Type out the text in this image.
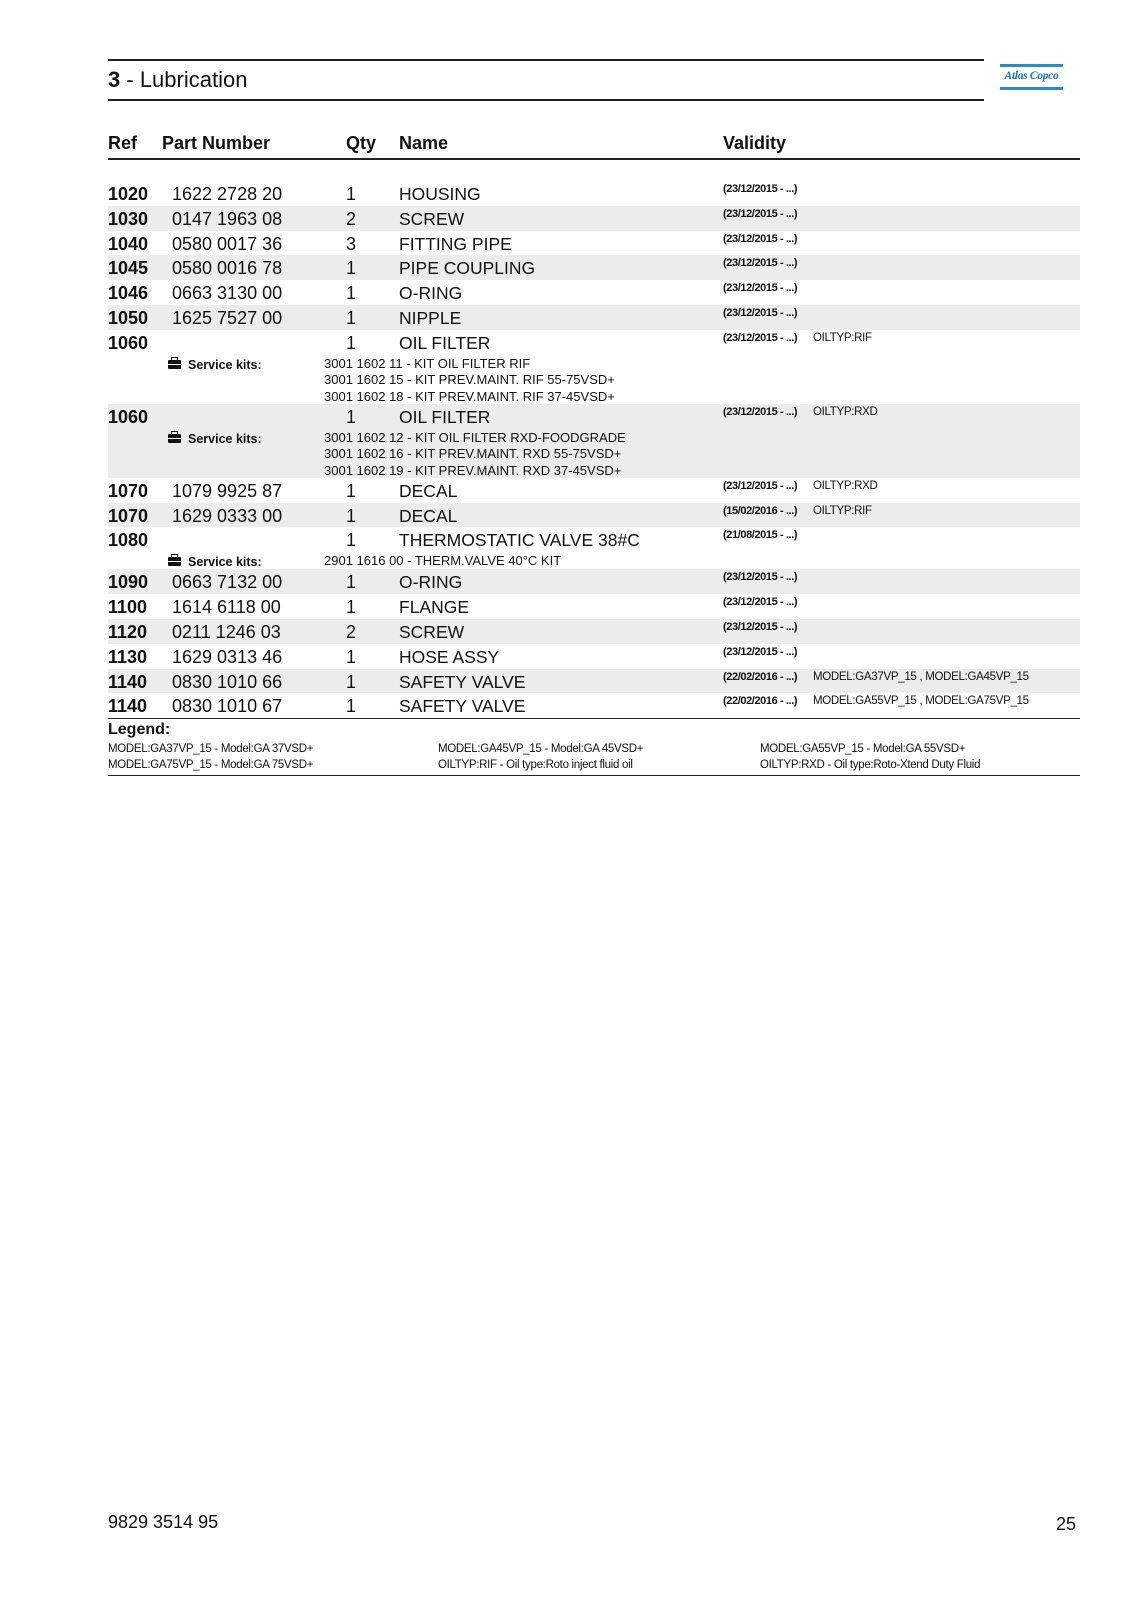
3 - Lubrication	Atlas Copco
Ref Part Number	Qty Name	Validity
1020 1622 2728 20	1 HOUSING	(23/12/2015 - ...)
1030 0147 1963 08	2 SCREW	(23/12/2015 - ...)
1040 0580 0017 36	3 FITTING PIPE	(23/12/2015 - ...)
1045 0580 0016 78	1 PIPE COUPLING	(23/12/2015 - ...)
1046 0663 3130 00	1 O-RING	(23/12/2015 - ...)
1050 1625 7527 00	1 NIPPLE	(23/12/2015 - ...)
1060	1 OIL FILTER	(23/12/2015 - ...) OILTYP:RIF
Service kits:	3001 1602 11 - KIT OIL FILTER RIF
3001 1602 15 - KIT PREV.MAINT. RIF 55-75VSD+
3001 1602 18 - KIT PREV.MAINT. RIF 37-45VSD+
1060	1 OIL FILTER	(23/12/2015 - ...) OILTYP:RXD
Service kits:	3001 1602 12 - KIT OIL FILTER RXD-FOODGRADE
3001 1602 16 - KIT PREV.MAINT. RXD 55-75VSD+
3001 1602 19 - KIT PREV.MAINT. RXD 37-45VSD+
1070 1079 9925 87	1 DECAL	(23/12/2015 - ...) OILTYP:RXD
1070 1629 0333 00	1 DECAL	(15/02/2016 - ...) OILTYP:RIF
1080	1 THERMOSTATIC VALVE 38#C	(21/08/2015 - ...)
Service kits:	2901 1616 00 - THERM.VALVE 40°C KIT
1090 0663 7132 00	1 O-RING	(23/12/2015 - ...)
1100 1614 6118 00	1 FLANGE	(23/12/2015 - ...)
1120 0211 1246 03	2 SCREW	(23/12/2015 - ...)
1130 1629 0313 46	1 HOSE ASSY	(23/12/2015 - ...)
1140 0830 1010 66	1 SAFETY VALVE	(22/02/2016 - ...) MODEL:GA37VP_15 , MODEL:GA45VP_15
1140 0830 1010 67	1 SAFETY VALVE	(22/02/2016 - ...) MODEL:GA55VP_15 , MODEL:GA75VP_15
Legend:
MODEL:GA37VP_15 - Model:GA 37VSD+	MODEL:GA45VP_15 - Model:GA 45VSD+	MODEL:GA55VP_15 - Model:GA 55VSD+
MODEL:GA75VP_15 - Model:GA 75VSD+	OILTYP:RIF - Oil type:Roto inject fluid oil	OILTYP:RXD - Oil type:Roto-Xtend Duty Fluid
9829 3514 95	25
